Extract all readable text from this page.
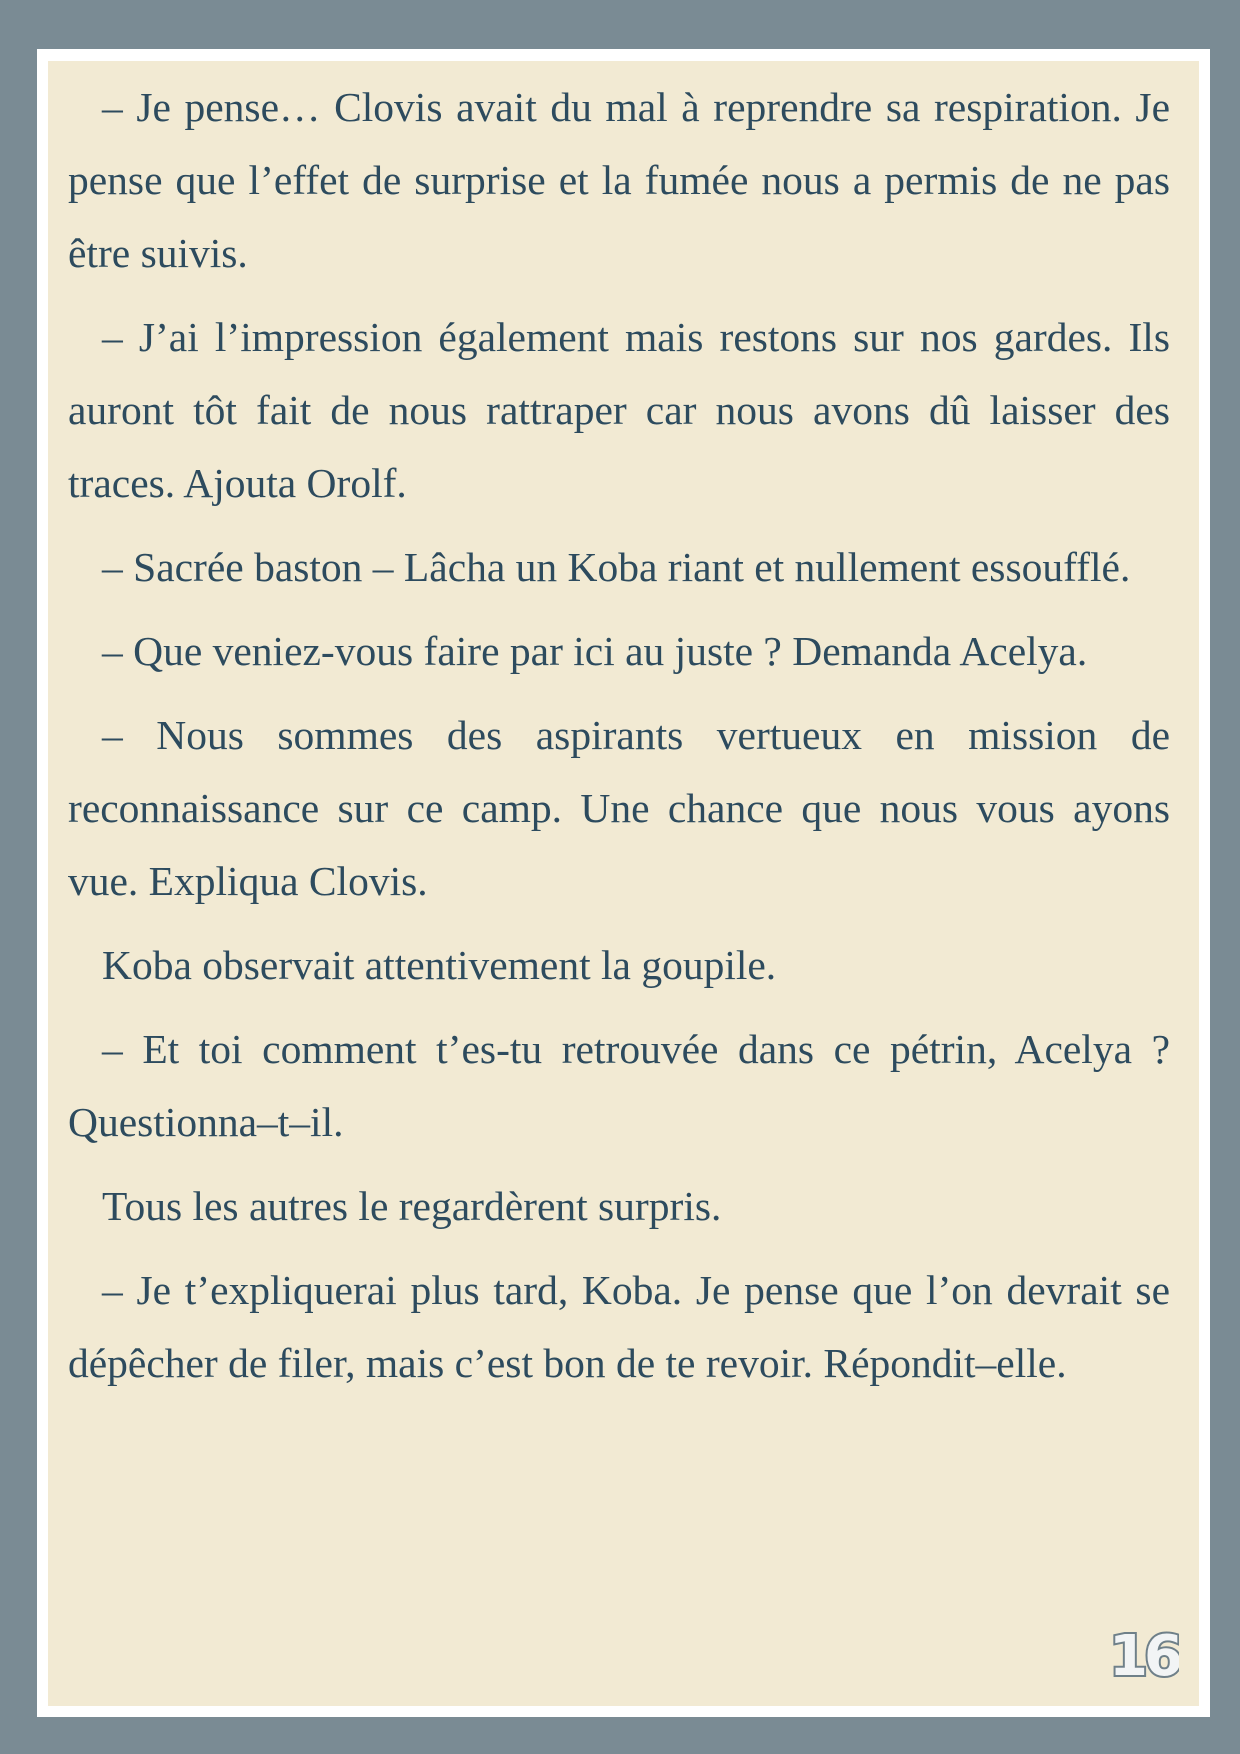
– Je pense… Clovis avait du mal à reprendre sa respiration. Je pense que l’effet de surprise et la fumée nous a permis de ne pas être suivis.

– J’ai l’impression également mais restons sur nos gardes. Ils auront tôt fait de nous rattraper car nous avons dû laisser des traces. Ajouta Orolf.

– Sacrée baston – Lâcha un Koba riant et nullement essoufflé.

– Que veniez-vous faire par ici au juste ? Demanda Acelya.

– Nous sommes des aspirants vertueux en mission de reconnaissance sur ce camp. Une chance que nous vous ayons vue. Expliqua Clovis.

Koba observait attentivement la goupile.

– Et toi comment t’es-tu retrouvée dans ce pétrin, Acelya ? Questionna–t–il.

Tous les autres le regardèrent surpris.

– Je t’expliquerai plus tard, Koba. Je pense que l’on devrait se dépêcher de filer, mais c’est bon de te revoir. Répondit–elle.

16
